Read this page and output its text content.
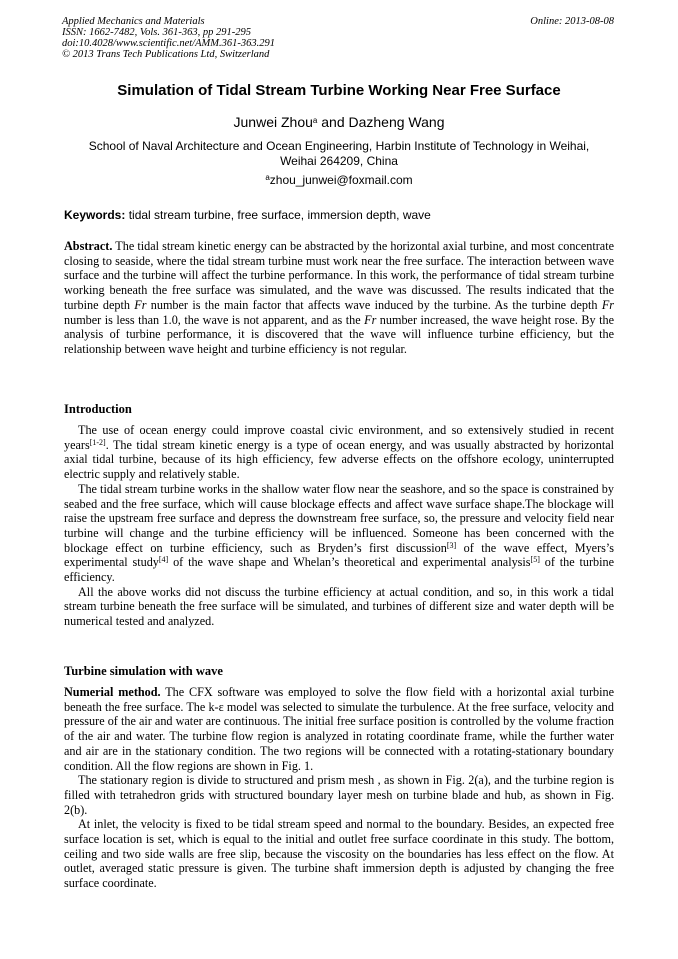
Applied Mechanics and Materials
ISSN: 1662-7482, Vols. 361-363, pp 291-295
doi:10.4028/www.scientific.net/AMM.361-363.291
© 2013 Trans Tech Publications Ltd, Switzerland
Online: 2013-08-08
Simulation of Tidal Stream Turbine Working Near Free Surface
Junwei Zhou$^a$ and Dazheng Wang
School of Naval Architecture and Ocean Engineering, Harbin Institute of Technology in Weihai, Weihai 264209, China
$^a$zhou_junwei@foxmail.com
Keywords: tidal stream turbine, free surface, immersion depth, wave

Abstract. The tidal stream kinetic energy can be abstracted by the horizontal axial turbine, and most concentrate closing to seaside, where the tidal stream turbine must work near the free surface. The interaction between wave surface and the turbine will affect the turbine performance. In this work, the performance of tidal stream turbine working beneath the free surface was simulated, and the wave was discussed. The results indicated that the turbine depth Fr number is the main factor that affects wave induced by the turbine. As the turbine depth Fr number is less than 1.0, the wave is not apparent, and as the Fr number increased, the wave height rose. By the analysis of turbine performance, it is discovered that the wave will influence turbine efficiency, but the relationship between wave height and turbine efficiency is not regular.

Introduction

The use of ocean energy could improve coastal civic environment, and so extensively studied in recent years[1-2]. The tidal stream kinetic energy is a type of ocean energy, and was usually abstracted by horizontal axial tidal turbine, because of its high efficiency, few adverse effects on the offshore ecology, uninterrupted electric supply and relatively stable.

The tidal stream turbine works in the shallow water flow near the seashore, and so the space is constrained by seabed and the free surface, which will cause blockage effects and affect wave surface shape.The blockage will raise the upstream free surface and depress the downstream free surface, so, the pressure and velocity field near turbine will change and the turbine efficiency will be influenced. Someone has been concerned with the blockage effect on turbine efficiency, such as Bryden’s first discussion[3] of the wave effect, Myers’s experimental study[4] of the wave shape and Whelan’s theoretical and experimental analysis[5] of the turbine efficiency.

All the above works did not discuss the turbine efficiency at actual condition, and so, in this work a tidal stream turbine beneath the free surface will be simulated, and turbines of different size and water depth will be numerical tested and analyzed.

Turbine simulation with wave

Numerial method. The CFX software was employed to solve the flow field with a horizontal axial turbine beneath the free surface. The k-ε model was selected to simulate the turbulence. At the free surface, velocity and pressure of the air and water are continuous. The initial free surface position is controlled by the volume fraction of the air and water. The turbine flow region is analyzed in rotating coordinate frame, while the further water and air are in the stationary condition. The two regions will be connected with a rotating-stationary boundary condition. All the flow regions are shown in Fig. 1.

The stationary region is divide to structured and prism mesh , as shown in Fig. 2(a), and the turbine region is filled with tetrahedron grids with structured boundary layer mesh on turbine blade and hub, as shown in Fig. 2(b).

At inlet, the velocity is fixed to be tidal stream speed and normal to the boundary. Besides, an expected free surface location is set, which is equal to the initial and outlet free surface coordinate in this study. The bottom, ceiling and two side walls are free slip, because the viscosity on the boundaries has less effect on the flow. At outlet, averaged static pressure is given. The turbine shaft immersion depth is adjusted by changing the free surface coordinate.
